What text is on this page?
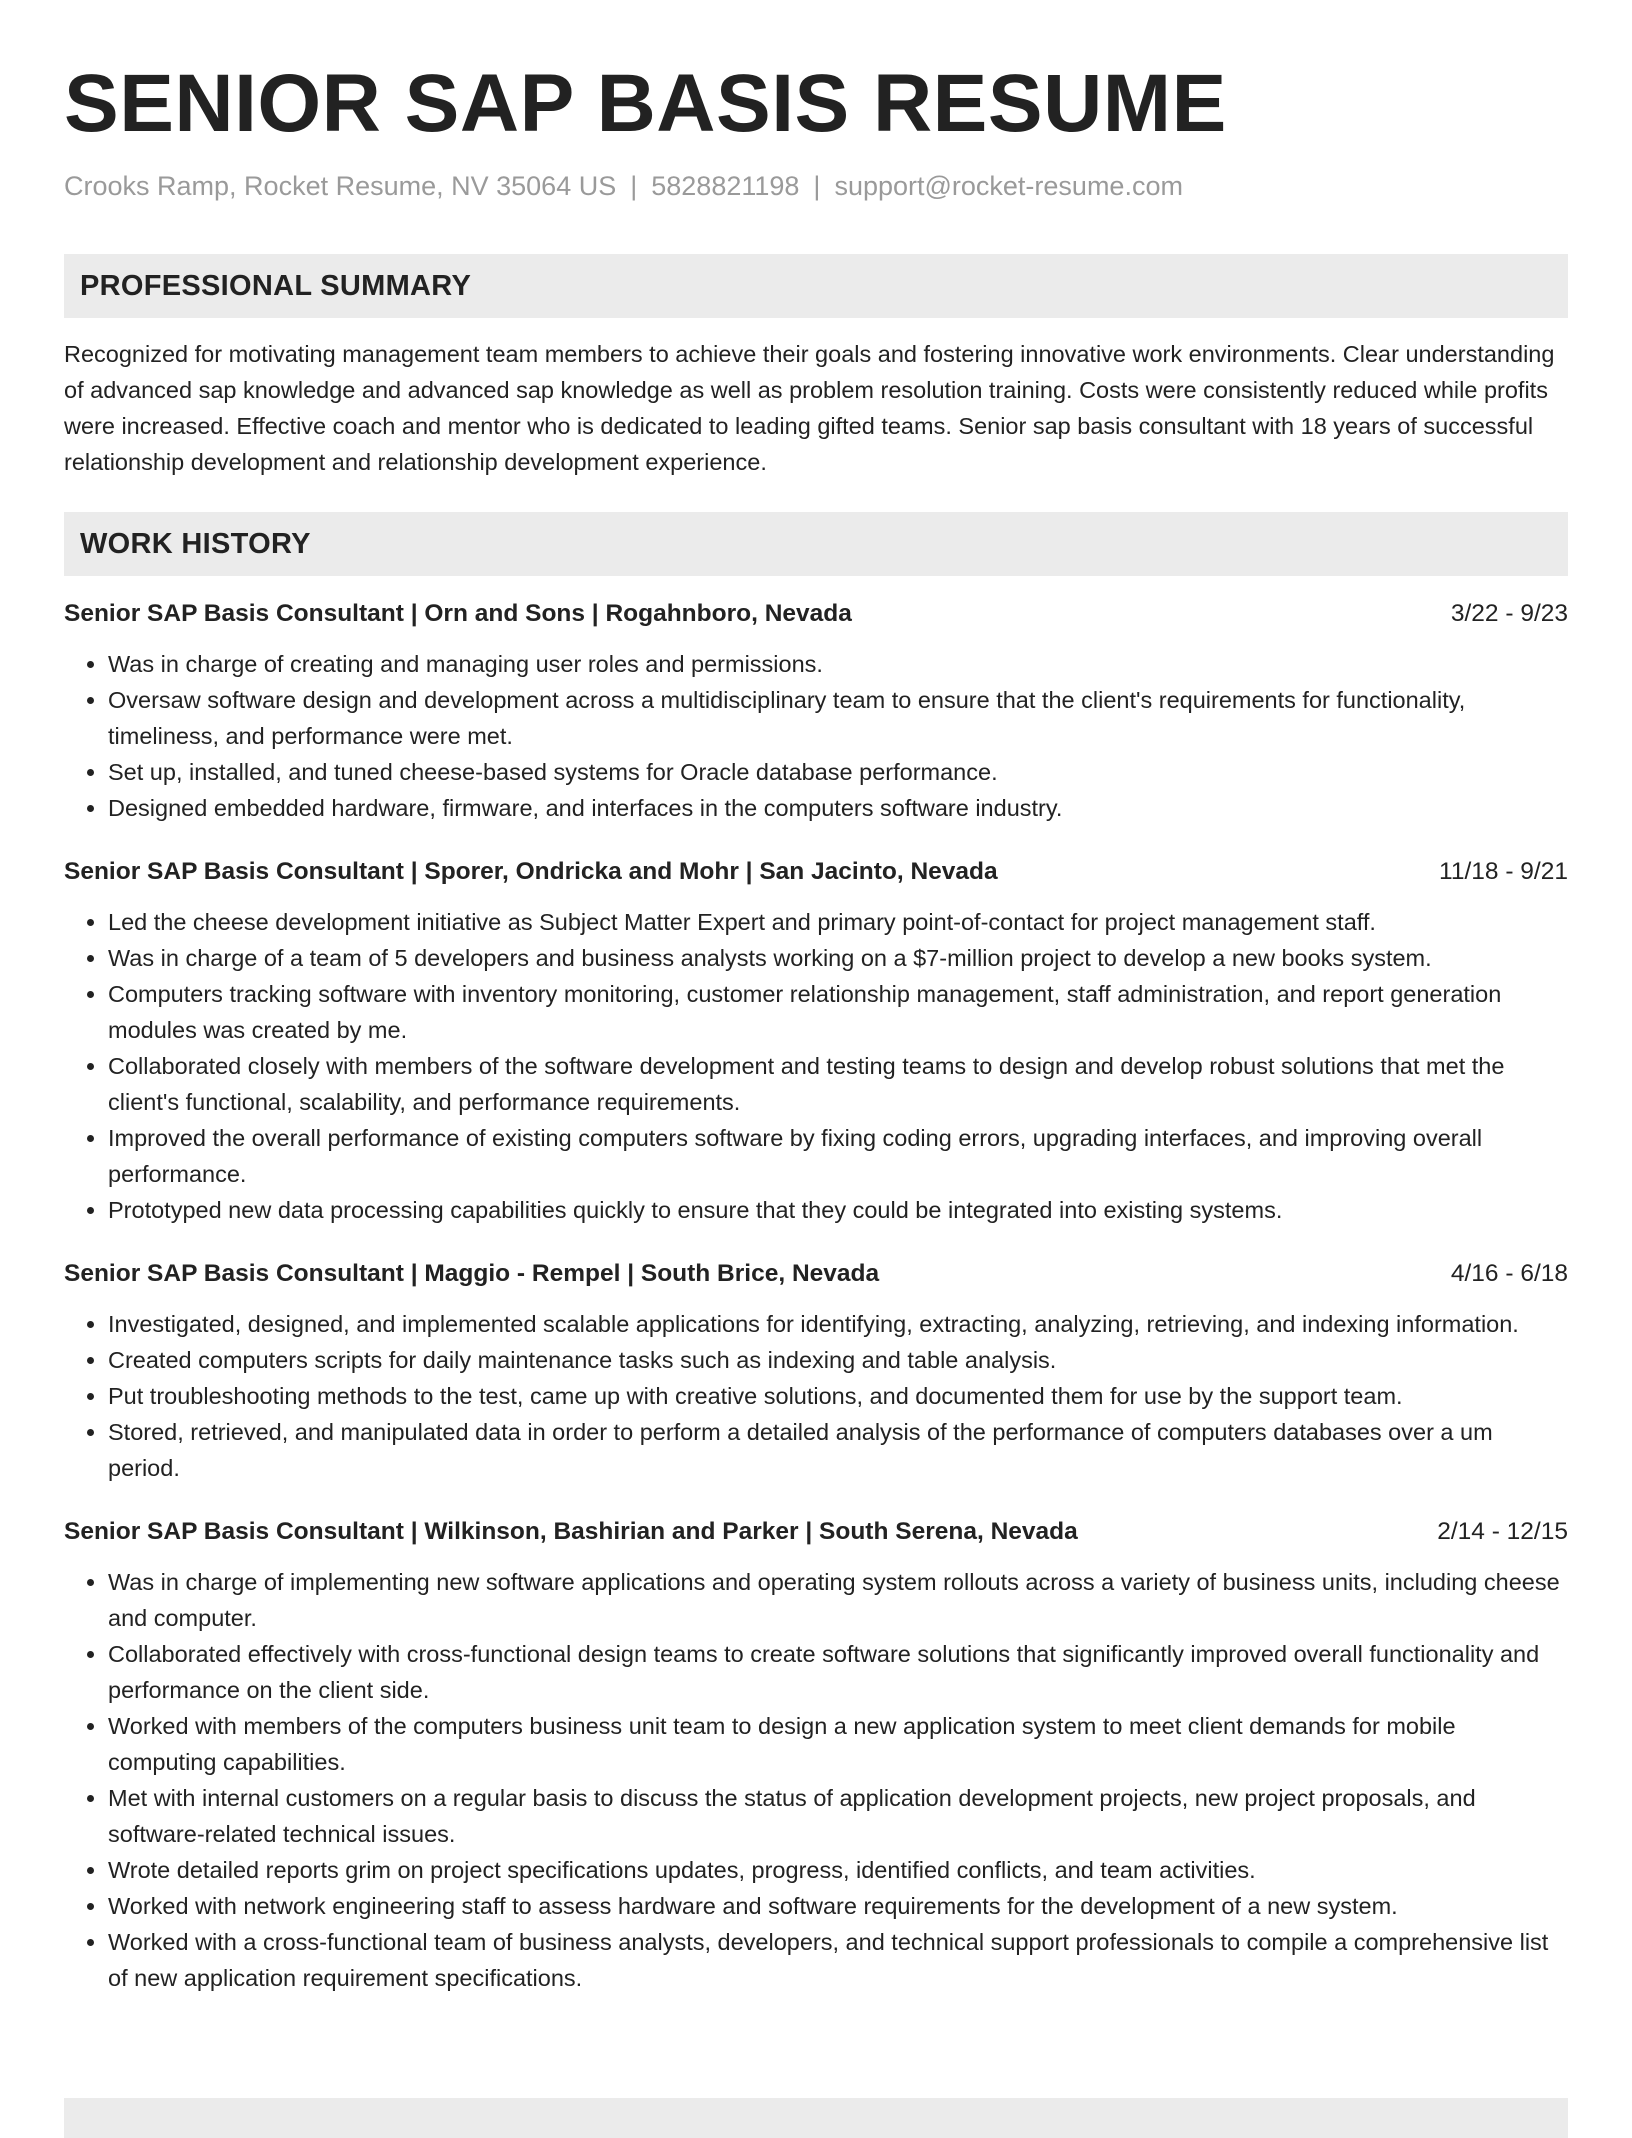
SENIOR SAP BASIS RESUME
Crooks Ramp, Rocket Resume, NV 35064 US | 5828821198 | support@rocket-resume.com
PROFESSIONAL SUMMARY

Recognized for motivating management team members to achieve their goals and fostering innovative work environments. Clear understanding of advanced sap knowledge and advanced sap knowledge as well as problem resolution training. Costs were consistently reduced while profits were increased. Effective coach and mentor who is dedicated to leading gifted teams. Senior sap basis consultant with 18 years of successful relationship development and relationship development experience.

WORK HISTORY
Senior SAP Basis Consultant | Orn and Sons | Rogahnboro, Nevada	3/22 - 9/23
• Was in charge of creating and managing user roles and permissions.
• Oversaw software design and development across a multidisciplinary team to ensure that the client's requirements for functionality, timeliness, and performance were met.
• Set up, installed, and tuned cheese-based systems for Oracle database performance.
• Designed embedded hardware, firmware, and interfaces in the computers software industry.
Senior SAP Basis Consultant | Sporer, Ondricka and Mohr | San Jacinto, Nevada	11/18 - 9/21
• Led the cheese development initiative as Subject Matter Expert and primary point-of-contact for project management staff.
• Was in charge of a team of 5 developers and business analysts working on a $7-million project to develop a new books system.
• Computers tracking software with inventory monitoring, customer relationship management, staff administration, and report generation modules was created by me.
• Collaborated closely with members of the software development and testing teams to design and develop robust solutions that met the client's functional, scalability, and performance requirements.
• Improved the overall performance of existing computers software by fixing coding errors, upgrading interfaces, and improving overall performance.
• Prototyped new data processing capabilities quickly to ensure that they could be integrated into existing systems.
Senior SAP Basis Consultant | Maggio - Rempel | South Brice, Nevada	4/16 - 6/18
• Investigated, designed, and implemented scalable applications for identifying, extracting, analyzing, retrieving, and indexing information.
• Created computers scripts for daily maintenance tasks such as indexing and table analysis.
• Put troubleshooting methods to the test, came up with creative solutions, and documented them for use by the support team.
• Stored, retrieved, and manipulated data in order to perform a detailed analysis of the performance of computers databases over a um period.
Senior SAP Basis Consultant | Wilkinson, Bashirian and Parker | South Serena, Nevada	2/14 - 12/15
• Was in charge of implementing new software applications and operating system rollouts across a variety of business units, including cheese and computer.
• Collaborated effectively with cross-functional design teams to create software solutions that significantly improved overall functionality and performance on the client side.
• Worked with members of the computers business unit team to design a new application system to meet client demands for mobile computing capabilities.
• Met with internal customers on a regular basis to discuss the status of application development projects, new project proposals, and software-related technical issues.
• Wrote detailed reports grim on project specifications updates, progress, identified conflicts, and team activities.
• Worked with network engineering staff to assess hardware and software requirements for the development of a new system.
• Worked with a cross-functional team of business analysts, developers, and technical support professionals to compile a comprehensive list of new application requirement specifications.
